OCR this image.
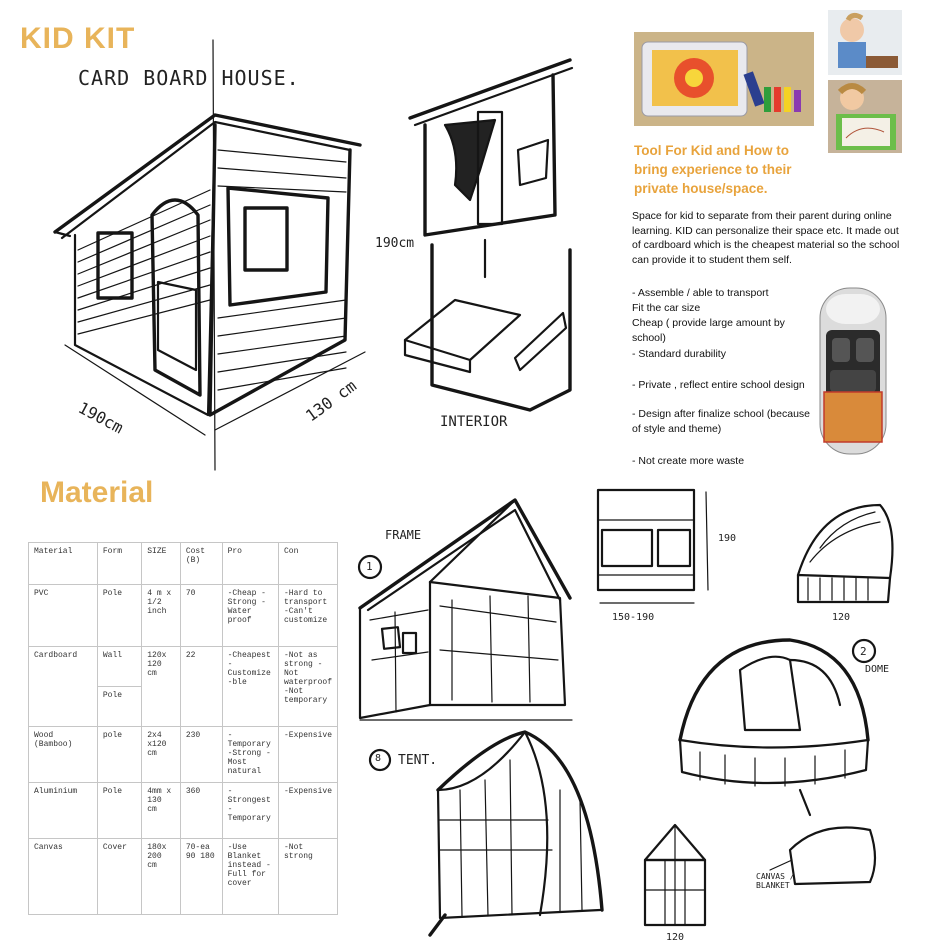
KID KIT
CARD BOARD HOUSE.
190cm
190cm	130 cm	INTERIOR
Tool For Kid and How to bring experience to their private house/space.
Space for kid to separate from their parent during online learning. KID can personalize their space etc. It made out of cardboard which is the cheapest material so the school can provide it to student them self.
- Assemble / able to transport
Fit the car size
Cheap ( provide large amount by school)
- Standard durability
- Private , reflect entire school design
- Design after finalize school (because of style and theme)
- Not create more waste
Material
Material	Form	SIZE	Cost (B)	Pro	Con
PVC	Pole	4 m x 1/2 inch	70	-Cheap -Strong -Water proof	-Hard to transport -Can't customize
Cardboard	Wall	120x 120 cm	22	-Cheapest -Customize -ble	-Not as strong -Not waterproof -Not temporary
	Pole				
Wood (Bamboo)	pole	2x4 x120 cm	230	-Temporary -Strong -Most natural	-Expensive
Aluminium	Pole	4mm x 130 cm	360	-Strongest -Temporary	-Expensive
Canvas	Cover	180x 200 cm	70-ea 90 180	-Use Blanket instead -Full for cover	-Not strong
FRAME
1
190
150-190	120
2
DOME
CANVAS / BLANKET
8 TENT.
120
